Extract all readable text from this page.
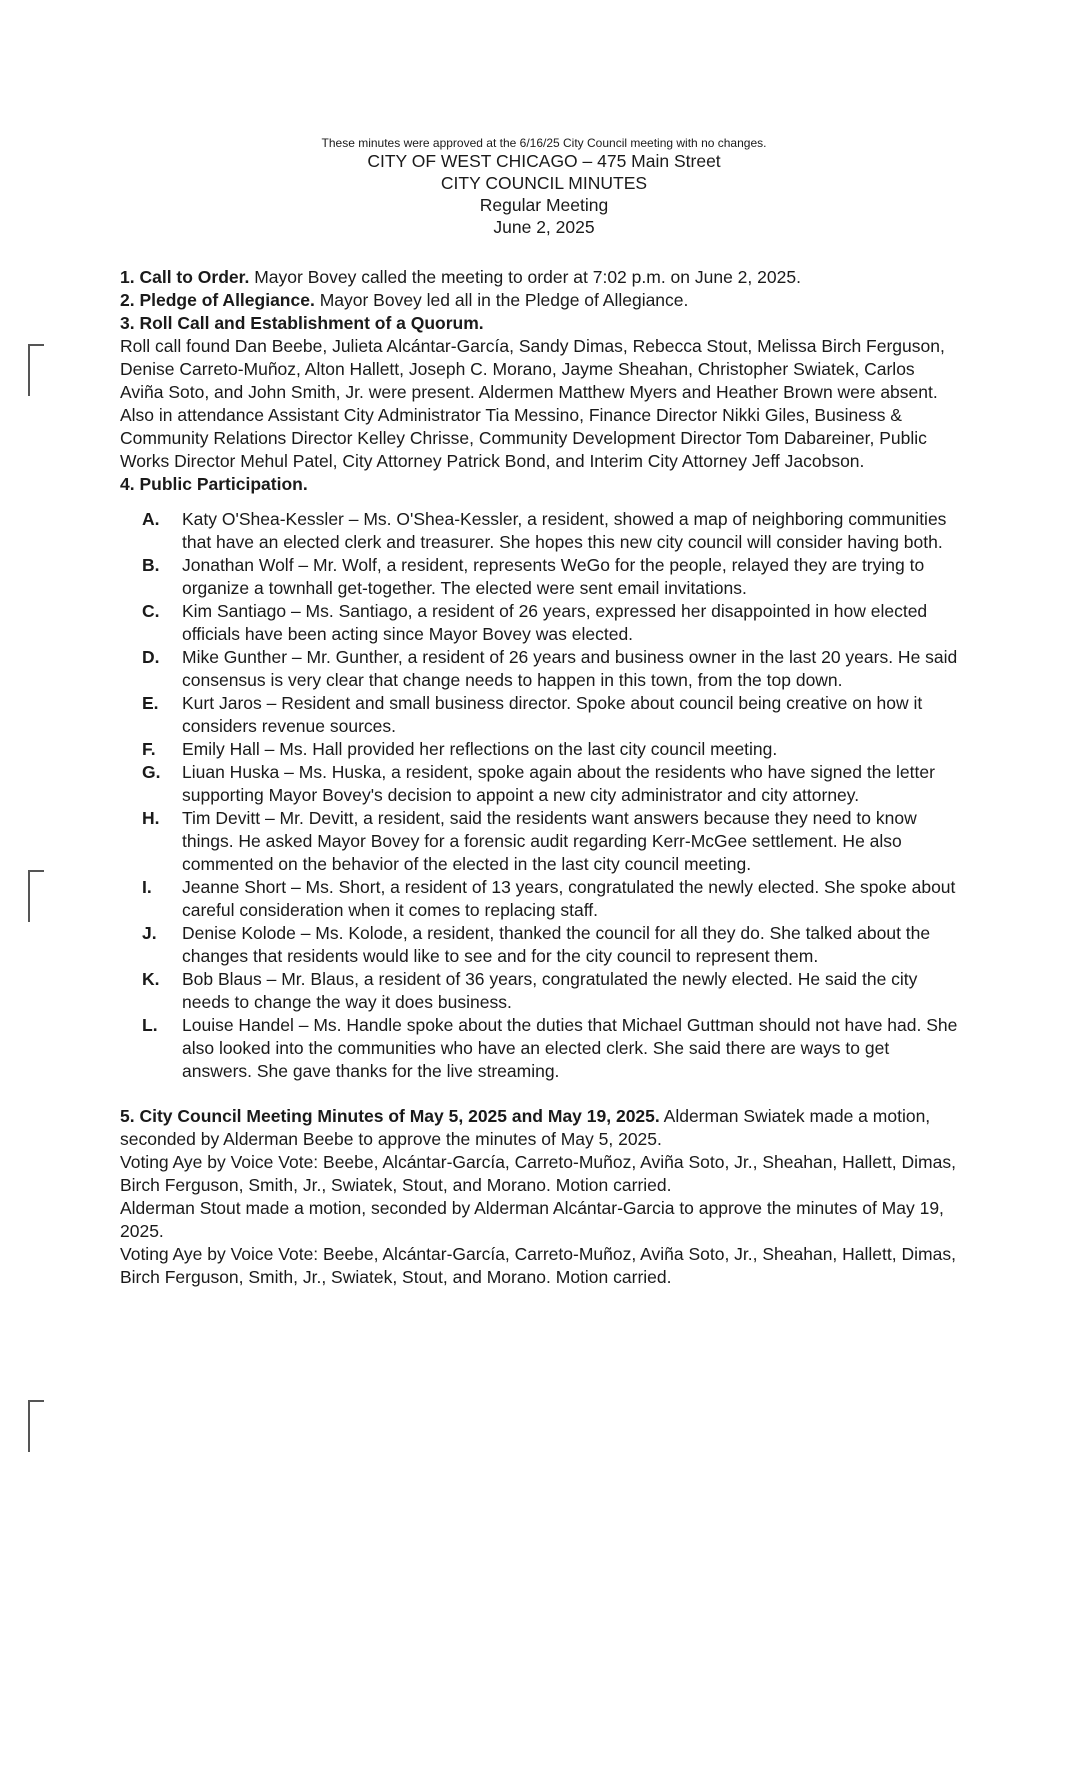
These minutes were approved at the 6/16/25 City Council meeting with no changes.
CITY OF WEST CHICAGO – 475 Main Street
CITY COUNCIL MINUTES
Regular Meeting
June 2, 2025

1. Call to Order. Mayor Bovey called the meeting to order at 7:02 p.m. on June 2, 2025.

2. Pledge of Allegiance. Mayor Bovey led all in the Pledge of Allegiance.

3. Roll Call and Establishment of a Quorum.

Roll call found Dan Beebe, Julieta Alcántar-García, Sandy Dimas, Rebecca Stout, Melissa Birch Ferguson, Denise Carreto-Muñoz, Alton Hallett, Joseph C. Morano, Jayme Sheahan, Christopher Swiatek, Carlos Aviña Soto, and John Smith, Jr. were present. Aldermen Matthew Myers and Heather Brown were absent.

Also in attendance Assistant City Administrator Tia Messino, Finance Director Nikki Giles, Business & Community Relations Director Kelley Chrisse, Community Development Director Tom Dabareiner, Public Works Director Mehul Patel, City Attorney Patrick Bond, and Interim City Attorney Jeff Jacobson.

4. Public Participation.

A.	Katy O'Shea-Kessler – Ms. O'Shea-Kessler, a resident, showed a map of neighboring communities that have an elected clerk and treasurer. She hopes this new city council will consider having both.
B.	Jonathan Wolf – Mr. Wolf, a resident, represents WeGo for the people, relayed they are trying to organize a townhall get-together. The elected were sent email invitations.
C.	Kim Santiago – Ms. Santiago, a resident of 26 years, expressed her disappointed in how elected officials have been acting since Mayor Bovey was elected.
D.	Mike Gunther – Mr. Gunther, a resident of 26 years and business owner in the last 20 years. He said consensus is very clear that change needs to happen in this town, from the top down.
E.	Kurt Jaros – Resident and small business director. Spoke about council being creative on how it considers revenue sources.
F.	Emily Hall – Ms. Hall provided her reflections on the last city council meeting.
G.	Liuan Huska – Ms. Huska, a resident, spoke again about the residents who have signed the letter supporting Mayor Bovey's decision to appoint a new city administrator and city attorney.
H.	Tim Devitt – Mr. Devitt, a resident, said the residents want answers because they need to know things. He asked Mayor Bovey for a forensic audit regarding Kerr-McGee settlement. He also commented on the behavior of the elected in the last city council meeting.
I.	Jeanne Short – Ms. Short, a resident of 13 years, congratulated the newly elected. She spoke about careful consideration when it comes to replacing staff.
J.	Denise Kolode – Ms. Kolode, a resident, thanked the council for all they do. She talked about the changes that residents would like to see and for the city council to represent them.
K.	Bob Blaus – Mr. Blaus, a resident of 36 years, congratulated the newly elected. He said the city needs to change the way it does business.
L.	Louise Handel – Ms. Handle spoke about the duties that Michael Guttman should not have had. She also looked into the communities who have an elected clerk. She said there are ways to get answers. She gave thanks for the live streaming.

5. City Council Meeting Minutes of May 5, 2025 and May 19, 2025. Alderman Swiatek made a motion, seconded by Alderman Beebe to approve the minutes of May 5, 2025.

Voting Aye by Voice Vote: Beebe, Alcántar-García, Carreto-Muñoz, Aviña Soto, Jr., Sheahan, Hallett, Dimas, Birch Ferguson, Smith, Jr., Swiatek, Stout, and Morano. Motion carried.

Alderman Stout made a motion, seconded by Alderman Alcántar-Garcia to approve the minutes of May 19, 2025.

Voting Aye by Voice Vote: Beebe, Alcántar-García, Carreto-Muñoz, Aviña Soto, Jr., Sheahan, Hallett, Dimas, Birch Ferguson, Smith, Jr., Swiatek, Stout, and Morano. Motion carried.
